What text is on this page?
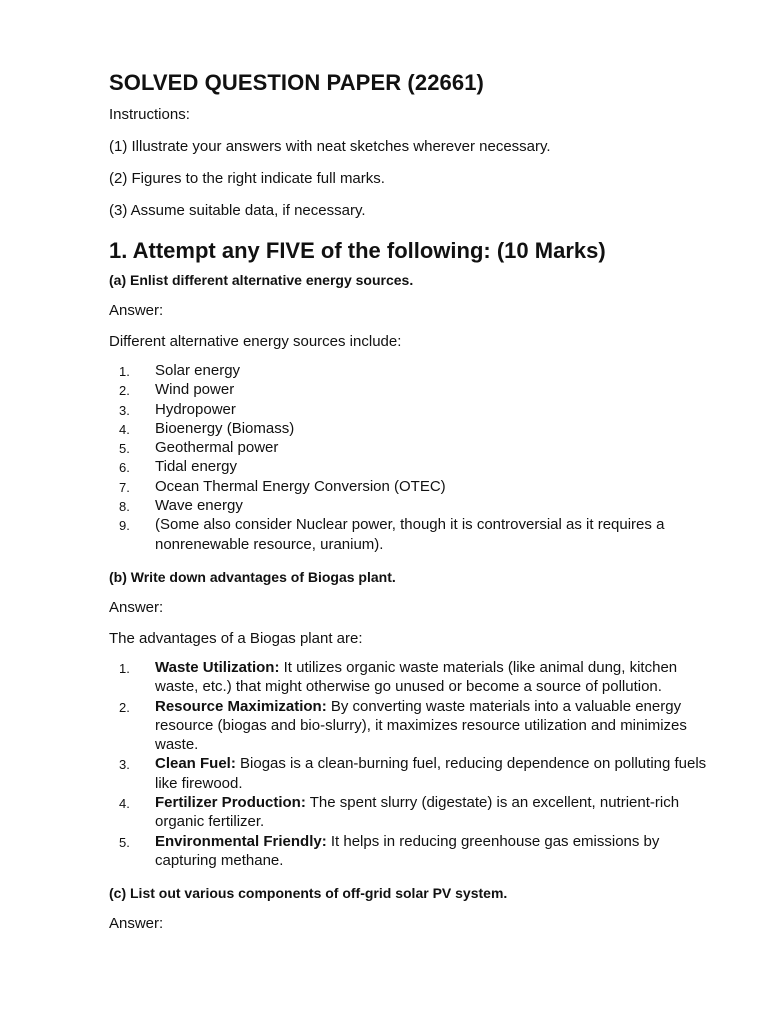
SOLVED QUESTION PAPER (22661)

Instructions:

(1) Illustrate your answers with neat sketches wherever necessary.

(2) Figures to the right indicate full marks.

(3) Assume suitable data, if necessary.

1. Attempt any FIVE of the following: (10 Marks)

(a) Enlist different alternative energy sources.

Answer:

Different alternative energy sources include:

1. Solar energy
2. Wind power
3. Hydropower
4. Bioenergy (Biomass)
5. Geothermal power
6. Tidal energy
7. Ocean Thermal Energy Conversion (OTEC)
8. Wave energy
9. (Some also consider Nuclear power, though it is controversial as it requires a nonrenewable resource, uranium).

(b) Write down advantages of Biogas plant.

Answer:

The advantages of a Biogas plant are:

1. Waste Utilization: It utilizes organic waste materials (like animal dung, kitchen waste, etc.) that might otherwise go unused or become a source of pollution.
2. Resource Maximization: By converting waste materials into a valuable energy resource (biogas and bio-slurry), it maximizes resource utilization and minimizes waste.
3. Clean Fuel: Biogas is a clean-burning fuel, reducing dependence on polluting fuels like firewood.
4. Fertilizer Production: The spent slurry (digestate) is an excellent, nutrient-rich organic fertilizer.
5. Environmental Friendly: It helps in reducing greenhouse gas emissions by capturing methane.

(c) List out various components of off-grid solar PV system.

Answer:
